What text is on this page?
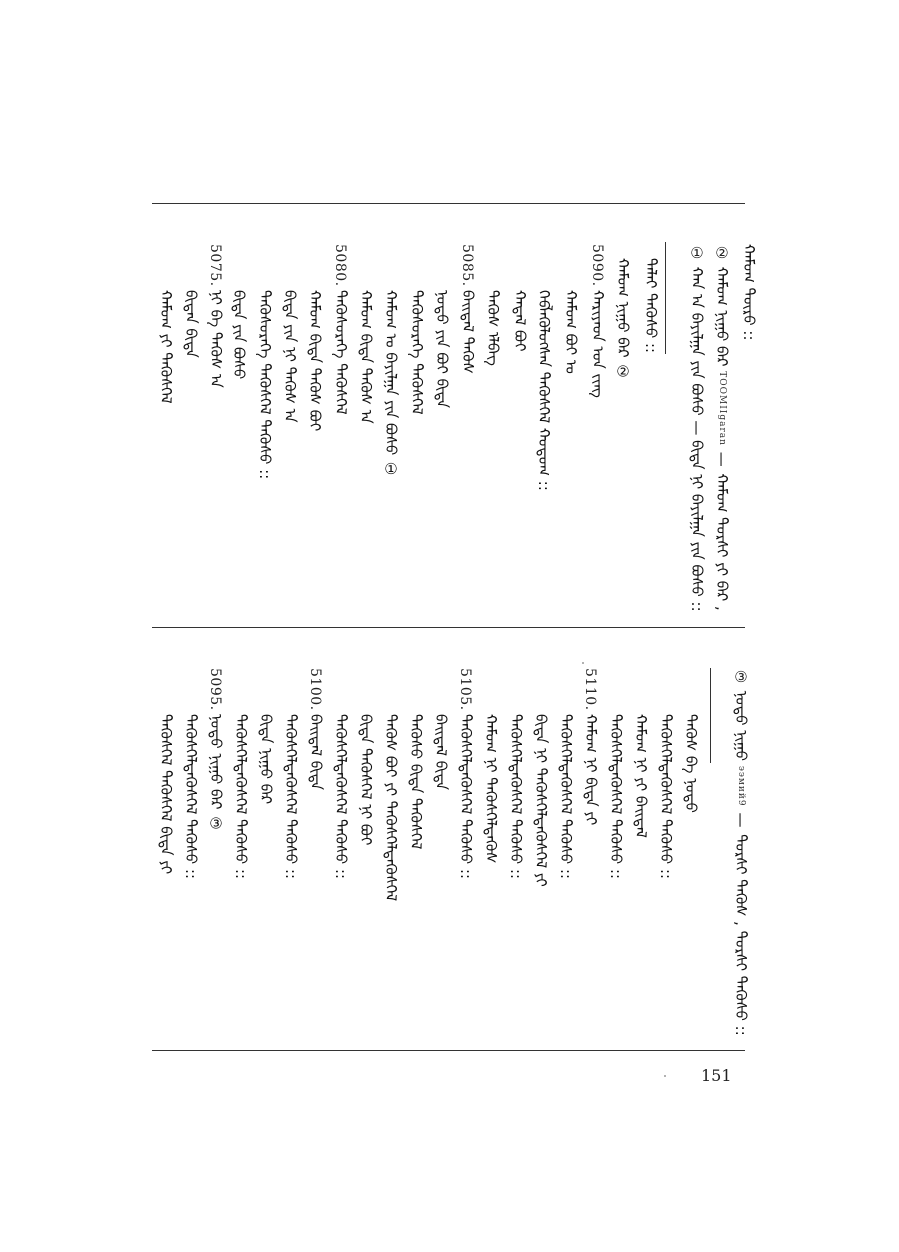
ᠬᠠᠮᠤᠭ ᠲᠦᠷᠦ ::
② ᠬᠠᠮᠤᠭ ᠨᠢᠭᠤ ᠪᠠᠷ TOOMIIgaran — ᠬᠠᠮᠤᠭ ᠳᠤᠷᠰᠢ ᠶᠢ ᠪᠠᠷ ,
① ᠬᠠᠨ ᠠ ᠪᠠᠶᠢᠯᠭᠠ ᠶᠢᠨ ᠪᠤᠰᠤ — ᠪᠢᠳᠡ ᠨᠢ ᠪᠠᠶᠢᠯᠭᠠ ᠶᠢᠨ ᠪᠤᠰᠤ ::
ᠳᠠᠯᠠᠢ ᠲᠡᠭᠦᠰᠦ ::
ᠬᠠᠮᠤᠭ ᠨᠢᠭᠤ ᠪᠠᠷ ②
5090.
ᠬᠠᠷᠢᠶᠠᠳ ᠤᠨ ᠵᠢᠩ
ᠬᠠᠮᠤᠭ ᠪᠤᠢ ᠣ
ᠬᠡᠪᠯᠡᠭᠦᠯᠦᠭᠰᠡᠨ ᠲᠡᠭᠦᠰᠭᠡᠯ ᠬᠤᠳᠤᠭ ::
ᠬᠠᠳᠠᠯ ᠪᠤᠢ
ᠲᠡᠭᠦᠰ ᠡᠯᠪᠡᠭ
5085.
ᠪᠠᠢᠳᠠᠯ ᠲᠡᠭᠦᠰ
ᠨᠤᠳᠤ ᠶᠢᠨ ᠪᠤᠢ ᠪᠢᠳᠡ
ᠲᠡᠭᠦᠰᠦᠷᠡᠭᠡ ᠲᠡᠭᠦᠰᠭᠡᠯ
ᠬᠠᠮᠤᠭ ᠣ ᠪᠠᠶᠢᠯᠭᠠ ᠶᠢᠨ ᠪᠤᠰᠤ ①
ᠬᠠᠮᠤᠭ ᠪᠢᠳᠡ ᠲᠡᠭᠦᠰ ᠠ
5080.
ᠲᠡᠭᠦᠰᠦᠷᠡᠭᠡ ᠲᠡᠭᠦᠰᠭᠡᠯ
ᠬᠠᠮᠤᠭ ᠪᠢᠳᠡ ᠲᠡᠭᠦᠰ ᠪᠤᠢ
ᠪᠢᠳᠡ ᠶᠢᠨ ᠨᠢ ᠲᠡᠭᠦᠰ ᠠ
ᠲᠡᠭᠦᠰᠦᠷᠡᠭᠡ ᠲᠡᠭᠦᠰᠭᠡᠯ ᠲᠡᠭᠦᠰᠦ ::
ᠪᠢᠳᠡ ᠶᠢᠨ ᠪᠤᠰᠤ
5075.
ᠨᠢ ᠪᠠ ᠲᠡᠭᠦᠰ ᠠ
ᠪᠢᠳᠡᠨ ᠪᠢᠳᠡ
ᠬᠠᠮᠤᠭ ᠶᠢ ᠲᠡᠭᠦᠰᠭᠡᠯ
③ ᠨᠤᠳᠤ ᠨᠢᠭᠤ ээмий9 — ᠳᠤᠷᠰᠢ ᠲᠡᠭᠦᠰ , ᠳᠤᠷᠰᠢ ᠲᠡᠭᠦᠰᠦ ::
ᠲᠡᠭᠦᠰ ᠪᠠ ᠨᠤᠳᠤ
ᠲᠡᠭᠦᠰᠭᠡᠯᠲᠡᠭᠦᠰᠭᠡᠯ ᠲᠡᠭᠦᠰᠦ ::
ᠬᠠᠮᠤᠭ ᠨᠢ ᠶᠢ ᠪᠠᠢᠳᠠᠯ
ᠲᠡᠭᠦᠰᠭᠡᠯᠲᠡᠭᠦᠰᠭᠡᠯ ᠲᠡᠭᠦᠰᠦ ::
5110.
ᠬᠠᠮᠤᠭ ᠨᠢ ᠪᠢᠳᠡ ᠶᠢ
ᠲᠡᠭᠦᠰᠭᠡᠯᠲᠡᠭᠦᠰᠭᠡᠯ ᠲᠡᠭᠦᠰᠦ ::
ᠪᠢᠳᠡ ᠨᠢ ᠲᠡᠭᠦᠰᠭᠡᠯᠲᠡᠭᠦᠰᠭᠡᠯ ᠶᠢ
ᠲᠡᠭᠦᠰᠭᠡᠯᠲᠡᠭᠦᠰᠭᠡᠯ ᠲᠡᠭᠦᠰᠦ ::
ᠬᠠᠮᠤᠭ ᠨᠢ ᠲᠡᠭᠦᠰᠭᠡᠯᠲᠡᠭᠦᠰ
5105.
ᠲᠡᠭᠦᠰᠭᠡᠯᠲᠡᠭᠦᠰᠭᠡᠯ ᠲᠡᠭᠦᠰᠦ ::
ᠪᠠᠢᠳᠠᠯ ᠪᠢᠳᠡ
ᠲᠡᠭᠦᠰᠦ ᠪᠢᠳᠡ ᠲᠡᠭᠦᠰᠭᠡᠯ
ᠲᠡᠭᠦᠰ ᠪᠤᠢ ᠶᠢ ᠲᠡᠭᠦᠰᠭᠡᠯᠲᠡᠭᠦᠰᠭᠡᠯ
ᠪᠢᠳᠡ ᠲᠡᠭᠦᠰᠭᠡᠯ ᠨᠢ ᠪᠤᠢ
ᠲᠡᠭᠦᠰᠭᠡᠯᠲᠡᠭᠦᠰᠭᠡᠯ ᠲᠡᠭᠦᠰᠦ ::
5100.
ᠪᠠᠢᠳᠠᠯ ᠪᠢᠳᠡ
ᠲᠡᠭᠦᠰᠭᠡᠯᠲᠡᠭᠦᠰᠭᠡᠯ ᠲᠡᠭᠦᠰᠦ ::
ᠪᠢᠳᠡ ᠨᠢᠭᠤ ᠪᠠᠷ
ᠲᠡᠭᠦᠰᠭᠡᠯᠲᠡᠭᠦᠰᠭᠡᠯ ᠲᠡᠭᠦᠰᠦ ::
5095.
ᠨᠤᠳᠤ ᠨᠢᠭᠤ ᠪᠠᠷ ③
ᠲᠡᠭᠦᠰᠭᠡᠯᠲᠡᠭᠦᠰᠭᠡᠯ ᠲᠡᠭᠦᠰᠦ ::
ᠲᠡᠭᠦᠰᠭᠡᠯ ᠲᠡᠭᠦᠰᠭᠡᠯ ᠪᠢᠳᠡ ᠶᠢ
151
